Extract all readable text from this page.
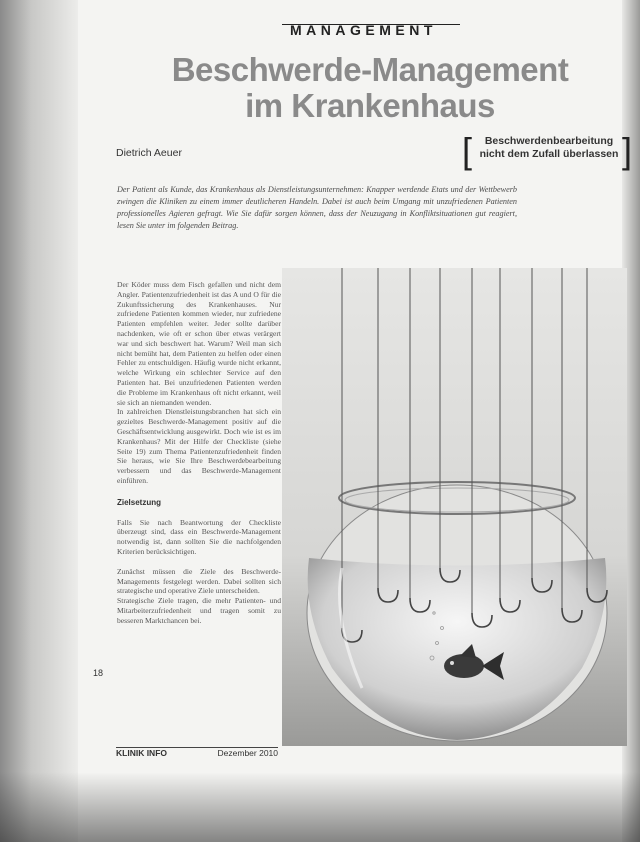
MANAGEMENT
Beschwerde-Management
im Krankenhaus
Dietrich Aeuer	[	Beschwerdenbearbeitung
nicht dem Zufall überlassen ]
Der Patient als Kunde, das Krankenhaus als Dienstleistungsunternehmen: Knapper werdende Etats und der Wettbewerb zwingen die Kliniken zu einem immer deutlicheren Handeln. Dabei ist auch beim Umgang mit unzufriedenen Patienten professionelles Agieren gefragt. Wie Sie dafür sorgen können, dass der Neuzugang in Konfliktsituationen gut reagiert, lesen Sie unter im folgenden Beitrag.

Der Köder muss dem Fisch gefallen und nicht dem Angler. Patientenzufriedenheit ist das A und O für die Zukunftssicherung des Krankenhauses. Nur zufriedene Patienten kommen wieder, nur zufriedene Patienten empfehlen weiter. Jeder sollte darüber nachdenken, wie oft er schon über etwas verärgert war und sich beschwert hat. Warum? Weil man sich nicht bemüht hat, dem Patienten zu helfen oder einen Fehler zu entschuldigen. Häufig wurde nicht erkannt, welche Wirkung ein schlechter Service auf den Patienten hat. Bei unzufriedenen Patienten werden die Probleme im Krankenhaus oft nicht erkannt, weil sie sich an niemanden wenden.

In zahlreichen Dienstleistungsbranchen hat sich ein gezieltes Beschwerde-Management positiv auf die Geschäftsentwicklung ausgewirkt. Doch wie ist es im Krankenhaus? Mit der Hilfe der Checkliste (siehe Seite 19) zum Thema Patientenzufriedenheit finden Sie heraus, wie Sie Ihre Beschwerdebearbeitung verbessern und das Beschwerde-Management einführen.

Zielsetzung

Falls Sie nach Beantwortung der Checkliste überzeugt sind, dass ein Beschwerde-Management notwendig ist, dann sollten Sie die nachfolgenden Kriterien berücksichtigen.

Zunächst müssen die Ziele des Beschwerde-Managements festgelegt werden. Dabei sollten sich strategische und operative Ziele unterscheiden.

Strategische Ziele tragen, die mehr Patienten- und Mitarbeiterzufriedenheit und tragen somit zu besseren Marktchancen bei.

18
KLINIK INFO	Dezember 2010
